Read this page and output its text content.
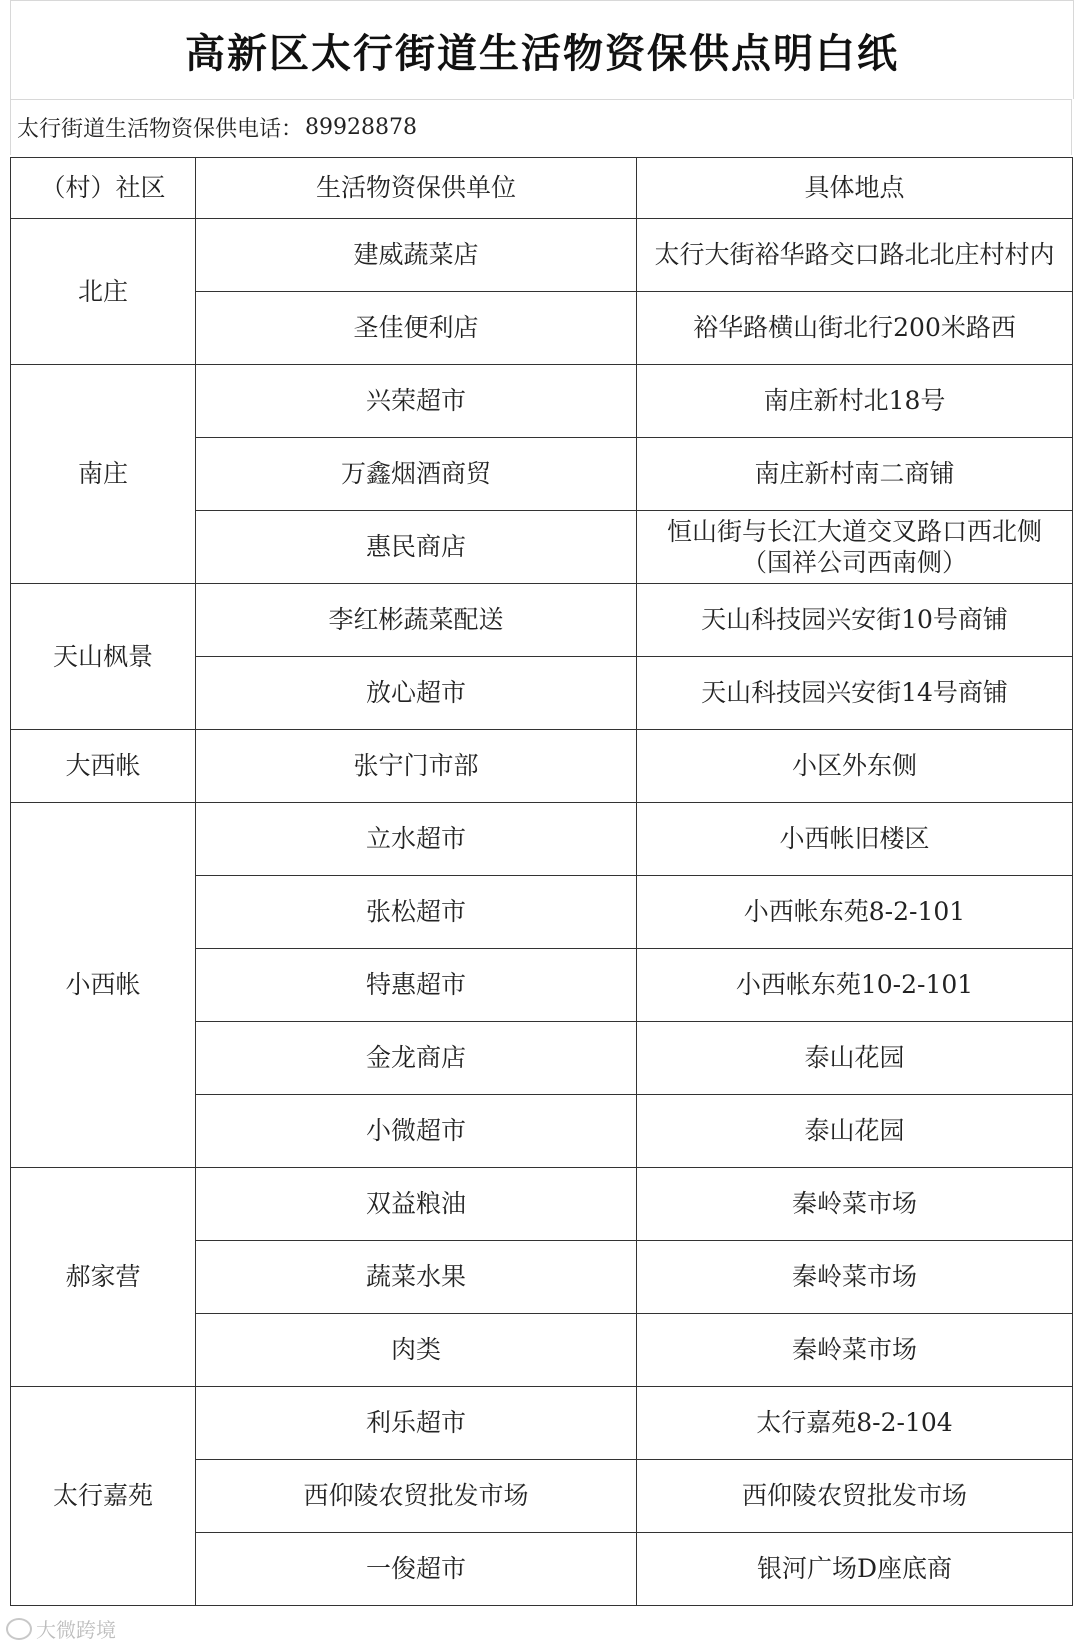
高新区太行街道生活物资保供点明白纸
太行街道生活物资保供电话： 89928878
（村）社区	生活物资保供单位	具体地点
北庄	建威蔬菜店	太行大街裕华路交口路北北庄村村内
	圣佳便利店	裕华路横山街北行200米路西
南庄	兴荣超市	南庄新村北18号
	万鑫烟酒商贸	南庄新村南二商铺
	惠民商店	恒山街与长江大道交叉路口西北侧（国祥公司西南侧）
天山枫景	李红彬蔬菜配送	天山科技园兴安街10号商铺
	放心超市	天山科技园兴安街14号商铺
大西帐	张宁门市部	小区外东侧
小西帐	立水超市	小西帐旧楼区
	张松超市	小西帐东苑8-2-101
	特惠超市	小西帐东苑10-2-101
	金龙商店	泰山花园
	小微超市	泰山花园
郝家营	双益粮油	秦岭菜市场
	蔬菜水果	秦岭菜市场
	肉类	秦岭菜市场
太行嘉苑	利乐超市	太行嘉苑8-2-104
	西仰陵农贸批发市场	西仰陵农贸批发市场
	一俊超市	银河广场D座底商
大微跨境
